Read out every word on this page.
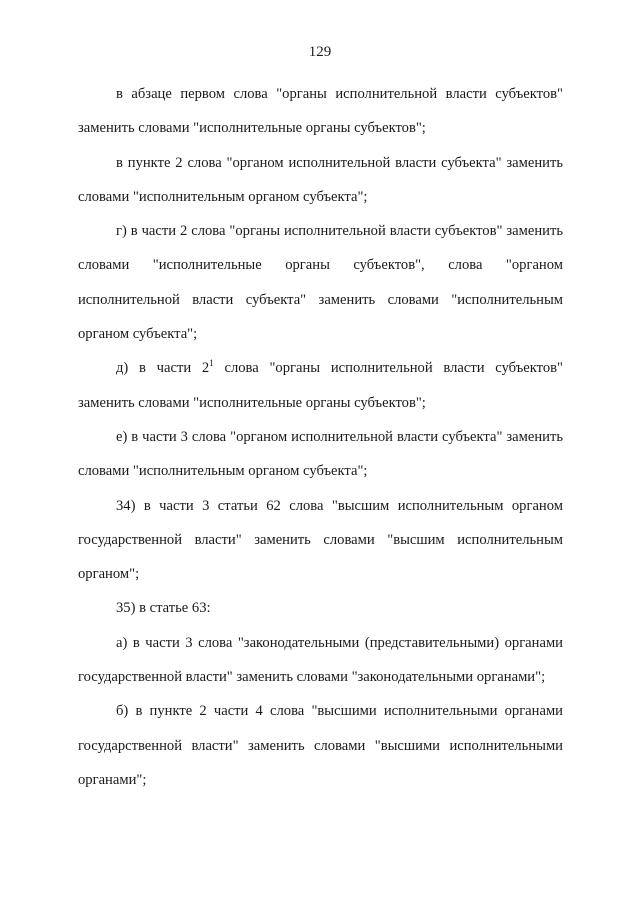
129

в абзаце первом слова "органы исполнительной власти субъектов" заменить словами "исполнительные органы субъектов";

в пункте 2 слова "органом исполнительной власти субъекта" заменить словами "исполнительным органом субъекта";

г) в части 2 слова "органы исполнительной власти субъектов" заменить словами "исполнительные органы субъектов", слова "органом исполнительной власти субъекта" заменить словами "исполнительным органом субъекта";

д) в части $2^1$ слова "органы исполнительной власти субъектов" заменить словами "исполнительные органы субъектов";

е) в части 3 слова "органом исполнительной власти субъекта" заменить словами "исполнительным органом субъекта";

34) в части 3 статьи 62 слова "высшим исполнительным органом государственной власти" заменить словами "высшим исполнительным органом";

35) в статье 63:

а) в части 3 слова "законодательными (представительными) органами государственной власти" заменить словами "законодательными органами";

б) в пункте 2 части 4 слова "высшими исполнительными органами государственной власти" заменить словами "высшими исполнительными органами";
